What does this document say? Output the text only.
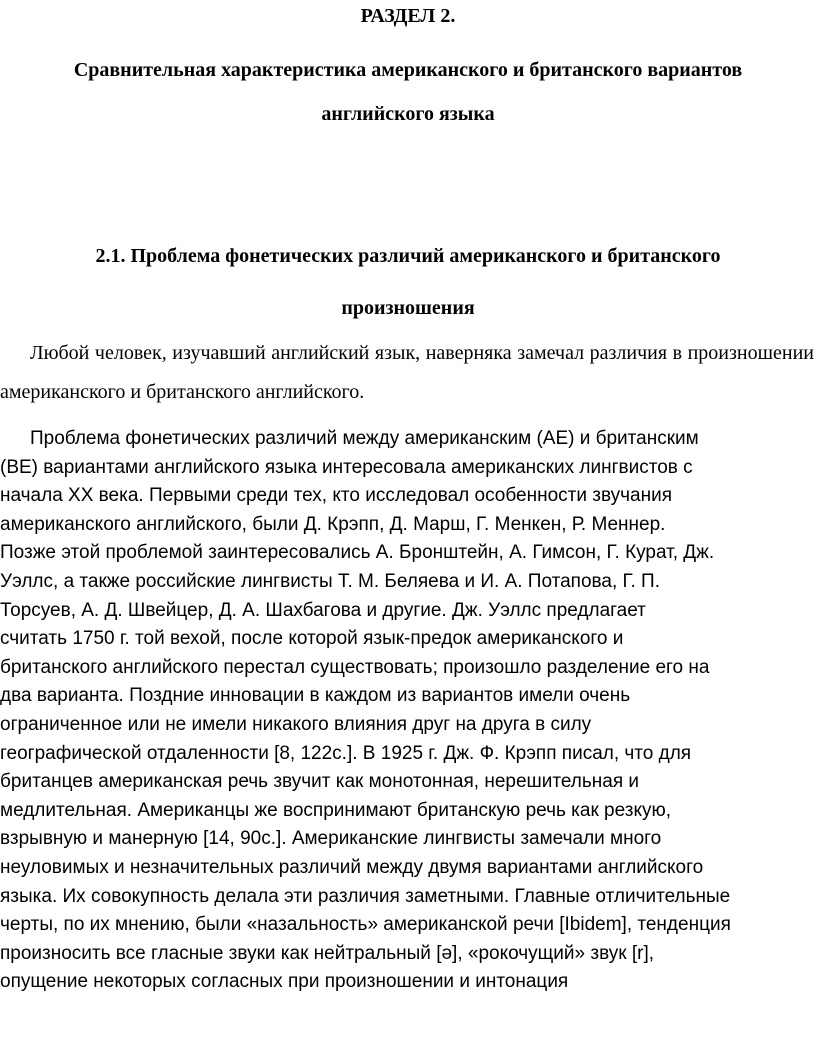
РАЗДЕЛ 2.
Сравнительная характеристика американского и британского вариантов
английского языка
2.1. Проблема фонетических различий американского и британского
произношения

Любой человек, изучавший английский язык, наверняка замечал различия в произношении американского и британского английского.

Проблема фонетических различий между американским (AE) и британским
(BE) вариантами английского языка интересовала американских лингвистов с
начала XX века. Первыми среди тех, кто исследовал особенности звучания
американского английского, были Д. Крэпп, Д. Марш, Г. Менкен, Р. Меннер.
Позже этой проблемой заинтересовались А. Бронштейн, А. Гимсон, Г. Курат, Дж.
Уэллс, а также российские лингвисты Т. М. Беляева и И. А. Потапова, Г. П.
Торсуев, А. Д. Швейцер, Д. А. Шахбагова и другие. Дж. Уэллс предлагает
считать 1750 г. той вехой, после которой язык-предок американского и
британского английского перестал существовать; произошло разделение его на
два варианта. Поздние инновации в каждом из вариантов имели очень
ограниченное или не имели никакого влияния друг на друга в силу
географической отдаленности [8, 122с.]. В 1925 г. Дж. Ф. Крэпп писал, что для
британцев американская речь звучит как монотонная, нерешительная и
медлительная. Американцы же воспринимают британскую речь как резкую,
взрывную и манерную [14, 90с.]. Американские лингвисты замечали много
неуловимых и незначительных различий между двумя вариантами английского
языка. Их совокупность делала эти различия заметными. Главные отличительные
черты, по их мнению, были «назальность» американской речи [Ibidem], тенденция
произносить все гласные звуки как нейтральный [ә], «рокочущий» звук [r],
опущение некоторых согласных при произношении и интонация
